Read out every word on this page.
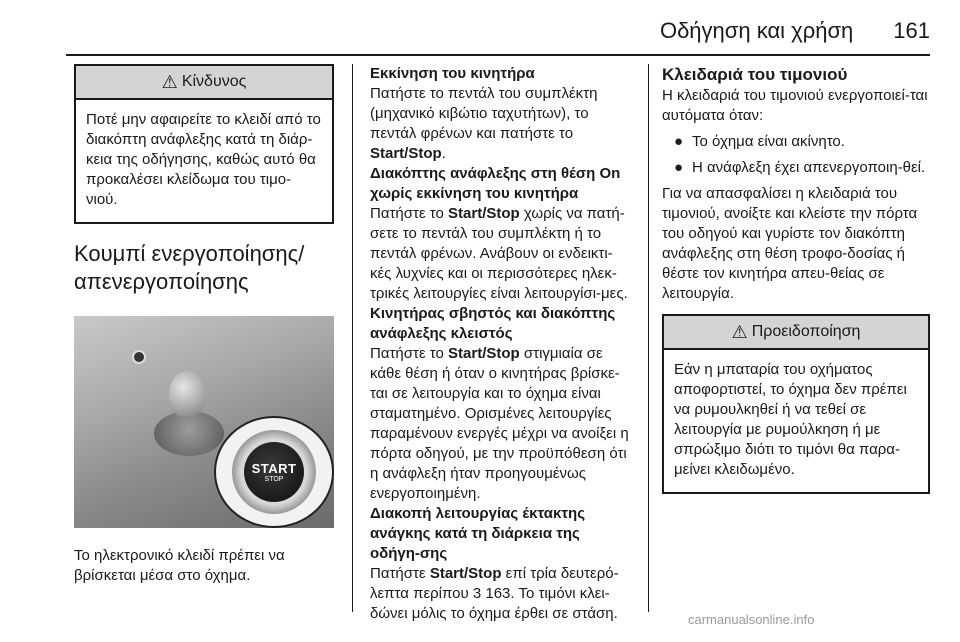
Οδήγηση και χρήση 161
⚠ Κίνδυνος
Ποτέ μην αφαιρείτε το κλειδί από το διακόπτη ανάφλεξης κατά τη διάρ-κεια της οδήγησης, καθώς αυτό θα προκαλέσει κλείδωμα του τιμο-νιού.
Κουμπί ενεργοποίησης/απενεργοποίησης
START
STOP
Το ηλεκτρονικό κλειδί πρέπει να βρίσκεται μέσα στο όχημα.
Εκκίνηση του κινητήρα
Πατήστε το πεντάλ του συμπλέκτη (μηχανικό κιβώτιο ταχυτήτων), το πεντάλ φρένων και πατήστε το Start/Stop.
Διακόπτης ανάφλεξης στη θέση On χωρίς εκκίνηση του κινητήρα
Πατήστε το Start/Stop χωρίς να πατή-σετε το πεντάλ του συμπλέκτη ή το πεντάλ φρένων. Ανάβουν οι ενδεικτι-κές λυχνίες και οι περισσότερες ηλεκ-τρικές λειτουργίες είναι λειτουργίσι-μες.
Κινητήρας σβηστός και διακόπτης ανάφλεξης κλειστός
Πατήστε το Start/Stop στιγμιαία σε κάθε θέση ή όταν ο κινητήρας βρίσκε-ται σε λειτουργία και το όχημα είναι σταματημένο. Ορισμένες λειτουργίες παραμένουν ενεργές μέχρι να ανοίξει η πόρτα οδηγού, με την προϋπόθεση ότι η ανάφλεξη ήταν προηγουμένως ενεργοποιημένη.
Διακοπή λειτουργίας έκτακτης ανάγκης κατά τη διάρκεια της οδήγη-σης
Πατήστε Start/Stop επί τρία δευτερό-λεπτα περίπου 3 163. Το τιμόνι κλει-δώνει μόλις το όχημα έρθει σε στάση.
Κλειδαριά του τιμονιού
Η κλειδαριά του τιμονιού ενεργοποιεί-ται αυτόματα όταν:
● Το όχημα είναι ακίνητο.
● Η ανάφλεξη έχει απενεργοποιη-θεί.
Για να απασφαλίσει η κλειδαριά του τιμονιού, ανοίξτε και κλείστε την πόρτα του οδηγού και γυρίστε τον διακόπτη ανάφλεξης στη θέση τροφο-δοσίας ή θέστε τον κινητήρα απευ-θείας σε λειτουργία.
⚠ Προειδοποίηση
Εάν η μπαταρία του οχήματος αποφορτιστεί, το όχημα δεν πρέπει να ρυμουλκηθεί ή να τεθεί σε λειτουργία με ρυμούλκηση ή με σπρώξιμο διότι το τιμόνι θα παρα-μείνει κλειδωμένο.
carmanualsonline.info
